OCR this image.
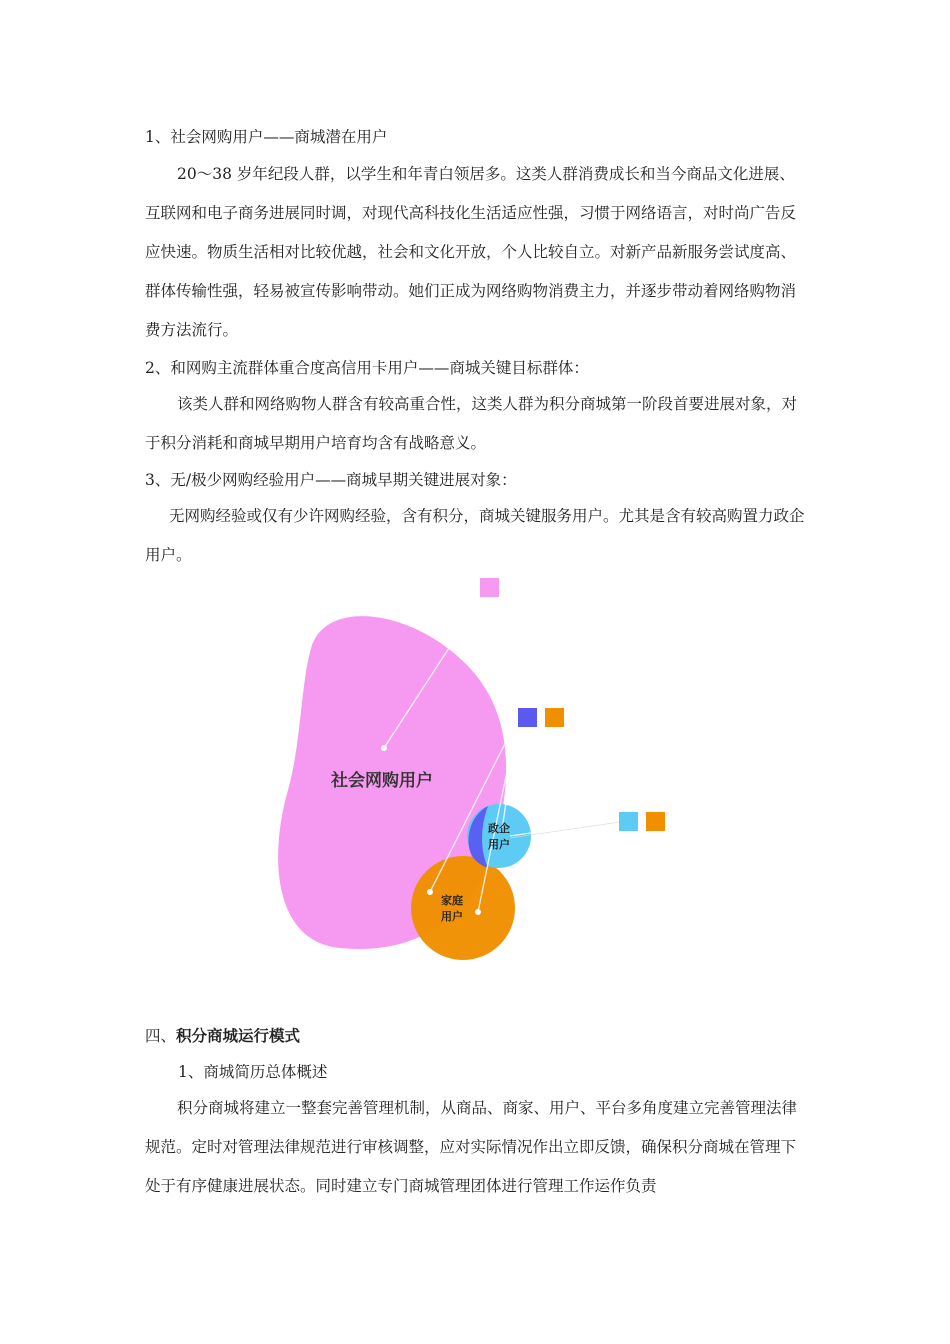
1、社会网购用户——商城潜在用户

20～38 岁年纪段人群，以学生和年青白领居多。这类人群消费成长和当今商品文化进展、互联网和电子商务进展同时调，对现代高科技化生活适应性强，习惯于网络语言，对时尚广告反应快速。物质生活相对比较优越，社会和文化开放，个人比较自立。对新产品新服务尝试度高、群体传输性强，轻易被宣传影响带动。她们正成为网络购物消费主力，并逐步带动着网络购物消费方法流行。

2、和网购主流群体重合度高信用卡用户——商城关键目标群体：

该类人群和网络购物人群含有较高重合性，这类人群为积分商城第一阶段首要进展对象，对于积分消耗和商城早期用户培育均含有战略意义。

3、无/极少网购经验用户——商城早期关键进展对象：

无网购经验或仅有少许网购经验，含有积分，商城关键服务用户。尤其是含有较高购置力政企用户。

社会网购用户
政企
用户
家庭
用户

四、积分商城运行模式

1、商城简历总体概述

积分商城将建立一整套完善管理机制，从商品、商家、用户、平台多角度建立完善管理法律规范。定时对管理法律规范进行审核调整，应对实际情况作出立即反馈，确保积分商城在管理下处于有序健康进展状态。同时建立专门商城管理团体进行管理工作运作负责
